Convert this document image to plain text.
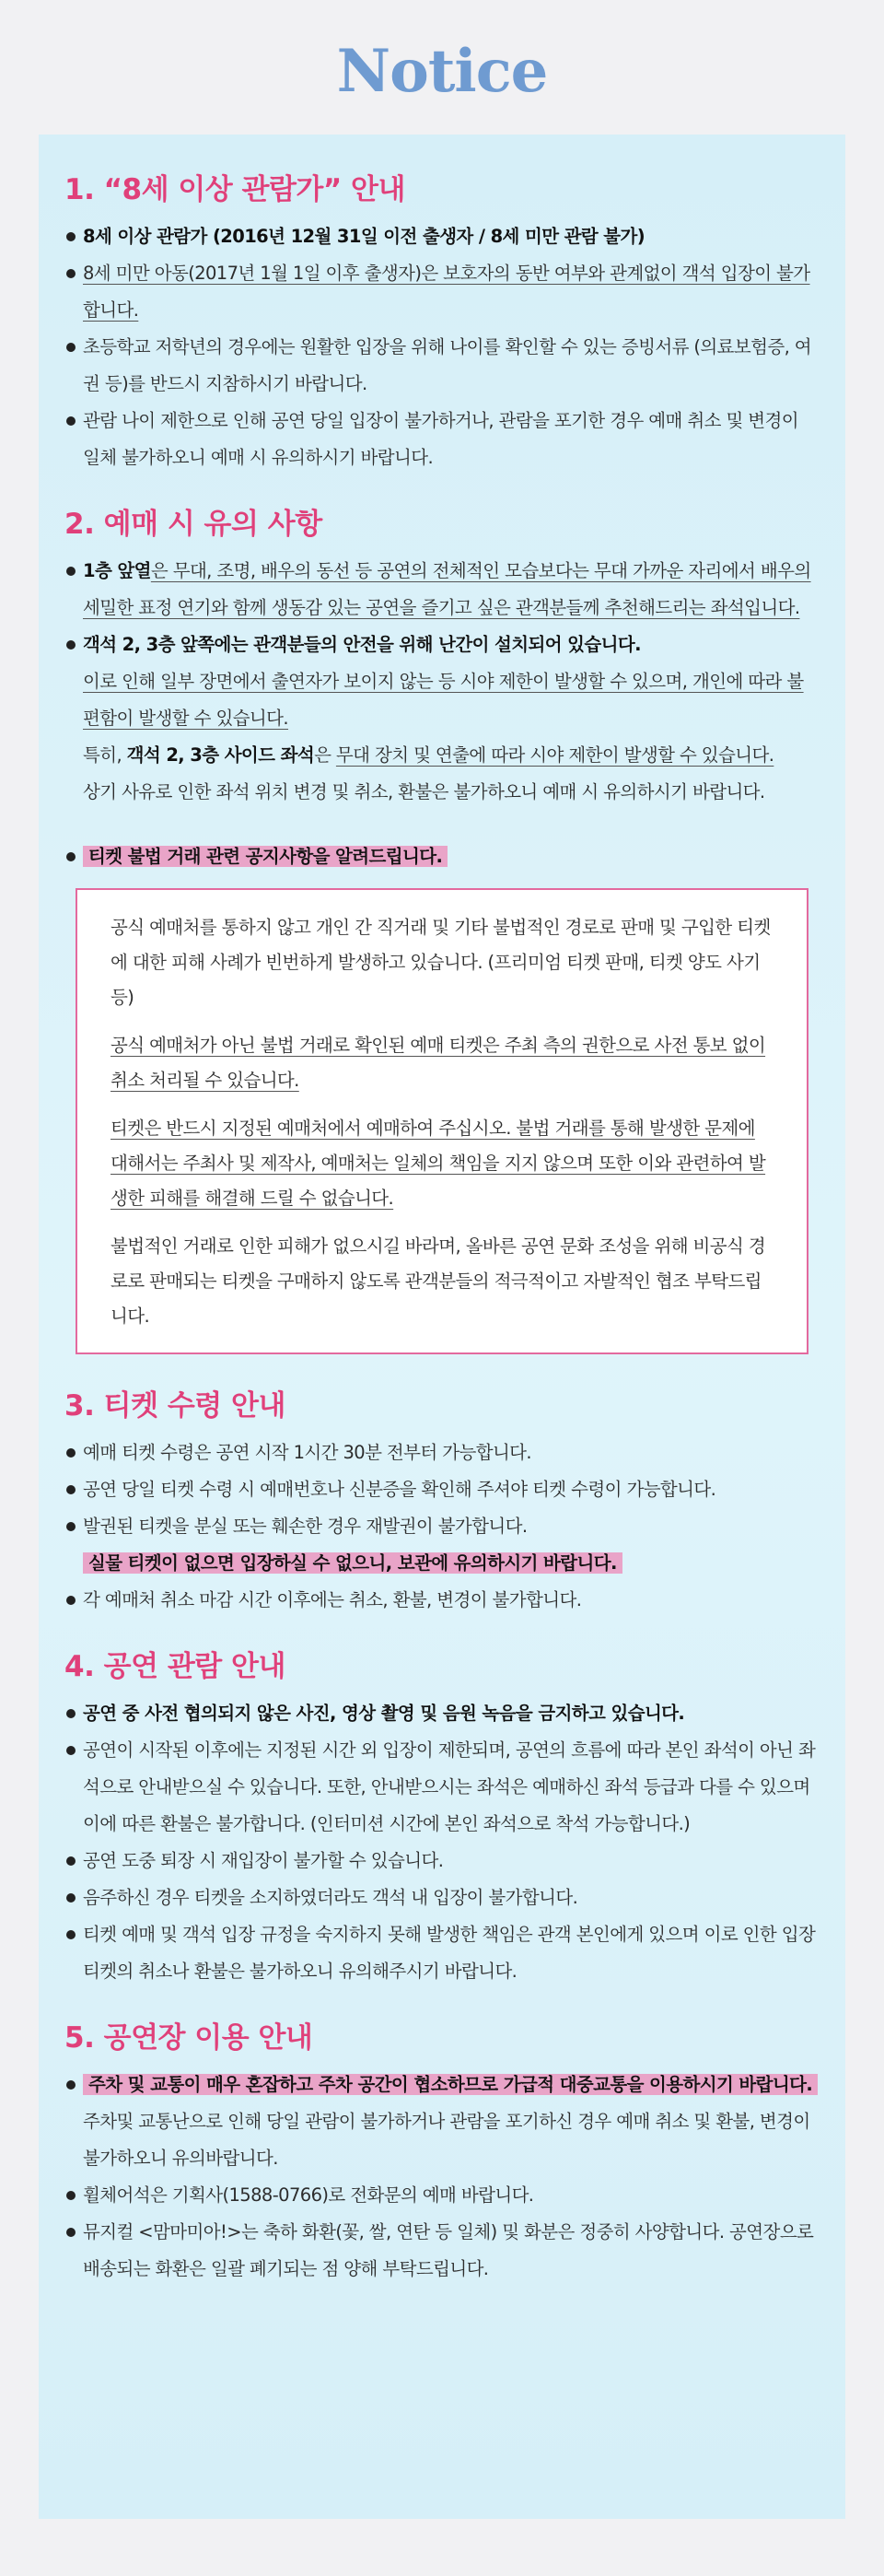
Notice
1. “8세 이상 관람가” 안내
8세 이상 관람가 (2016년 12월 31일 이전 출생자 / 8세 미만 관람 불가)
8세 미만 아동(2017년 1월 1일 이후 출생자)은 보호자의 동반 여부와 관계없이 객석 입장이 불가합니다.
초등학교 저학년의 경우에는 원활한 입장을 위해 나이를 확인할 수 있는 증빙서류 (의료보험증, 여권 등)를 반드시 지참하시기 바랍니다.
관람 나이 제한으로 인해 공연 당일 입장이 불가하거나, 관람을 포기한 경우 예매 취소 및 변경이 일체 불가하오니 예매 시 유의하시기 바랍니다.
2. 예매 시 유의 사항
1층 앞열은 무대, 조명, 배우의 동선 등 공연의 전체적인 모습보다는 무대 가까운 자리에서 배우의 세밀한 표정 연기와 함께 생동감 있는 공연을 즐기고 싶은 관객분들께 추천해드리는 좌석입니다.
객석 2, 3층 앞쪽에는 관객분들의 안전을 위해 난간이 설치되어 있습니다.
이로 인해 일부 장면에서 출연자가 보이지 않는 등 시야 제한이 발생할 수 있으며, 개인에 따라 불편함이 발생할 수 있습니다.
특히, 객석 2, 3층 사이드 좌석은 무대 장치 및 연출에 따라 시야 제한이 발생할 수 있습니다.
상기 사유로 인한 좌석 위치 변경 및 취소, 환불은 불가하오니 예매 시 유의하시기 바랍니다.
티켓 불법 거래 관련 공지사항을 알려드립니다.

공식 예매처를 통하지 않고 개인 간 직거래 및 기타 불법적인 경로로 판매 및 구입한 티켓에 대한 피해 사례가 빈번하게 발생하고 있습니다. (프리미엄 티켓 판매, 티켓 양도 사기 등)

공식 예매처가 아닌 불법 거래로 확인된 예매 티켓은 주최 측의 권한으로 사전 통보 없이 취소 처리될 수 있습니다.

티켓은 반드시 지정된 예매처에서 예매하여 주십시오. 불법 거래를 통해 발생한 문제에 대해서는 주최사 및 제작사, 예매처는 일체의 책임을 지지 않으며 또한 이와 관련하여 발생한 피해를 해결해 드릴 수 없습니다.

불법적인 거래로 인한 피해가 없으시길 바라며, 올바른 공연 문화 조성을 위해 비공식 경로로 판매되는 티켓을 구매하지 않도록 관객분들의 적극적이고 자발적인 협조 부탁드립니다.

3. 티켓 수령 안내
예매 티켓 수령은 공연 시작 1시간 30분 전부터 가능합니다.
공연 당일 티켓 수령 시 예매번호나 신분증을 확인해 주셔야 티켓 수령이 가능합니다.
발권된 티켓을 분실 또는 훼손한 경우 재발권이 불가합니다.
실물 티켓이 없으면 입장하실 수 없으니, 보관에 유의하시기 바랍니다.
각 예매처 취소 마감 시간 이후에는 취소, 환불, 변경이 불가합니다.
4. 공연 관람 안내
공연 중 사전 협의되지 않은 사진, 영상 촬영 및 음원 녹음을 금지하고 있습니다.
공연이 시작된 이후에는 지정된 시간 외 입장이 제한되며, 공연의 흐름에 따라 본인 좌석이 아닌 좌석으로 안내받으실 수 있습니다. 또한, 안내받으시는 좌석은 예매하신 좌석 등급과 다를 수 있으며 이에 따른 환불은 불가합니다. (인터미션 시간에 본인 좌석으로 착석 가능합니다.)
공연 도중 퇴장 시 재입장이 불가할 수 있습니다.
음주하신 경우 티켓을 소지하였더라도 객석 내 입장이 불가합니다.
티켓 예매 및 객석 입장 규정을 숙지하지 못해 발생한 책임은 관객 본인에게 있으며 이로 인한 입장 티켓의 취소나 환불은 불가하오니 유의해주시기 바랍니다.
5. 공연장 이용 안내
주차 및 교통이 매우 혼잡하고 주차 공간이 협소하므로 가급적 대중교통을 이용하시기 바랍니다. 주차및 교통난으로 인해 당일 관람이 불가하거나 관람을 포기하신 경우 예매 취소 및 환불, 변경이 불가하오니 유의바랍니다.
휠체어석은 기획사(1588-0766)로 전화문의 예매 바랍니다.
뮤지컬 <맘마미아!>는 축하 화환(꽃, 쌀, 연탄 등 일체) 및 화분은 정중히 사양합니다. 공연장으로 배송되는 화환은 일괄 폐기되는 점 양해 부탁드립니다.
